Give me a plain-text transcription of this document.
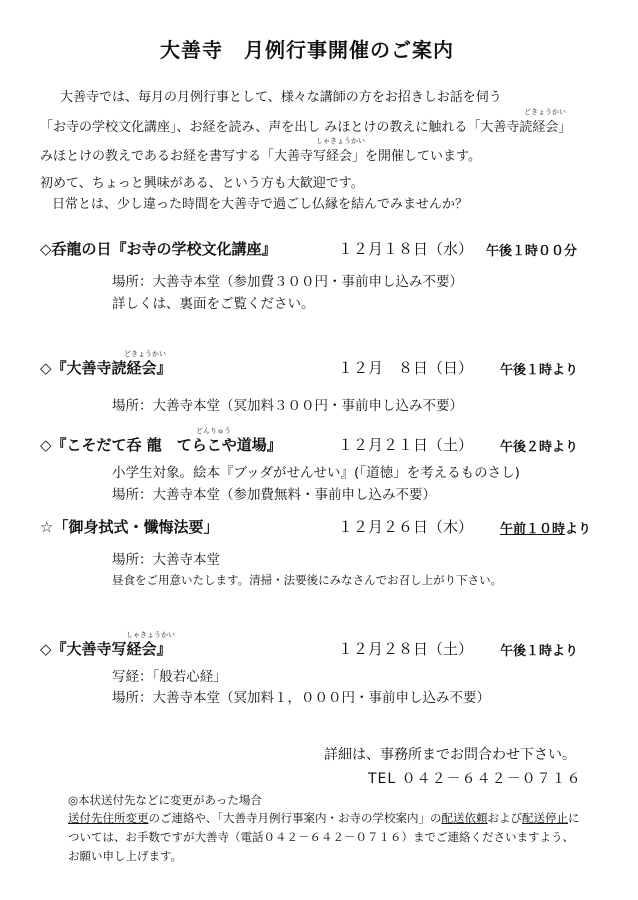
大善寺　月例行事開催のご案内
大善寺では、毎月の月例行事として、様々な講師の方をお招きしお話を伺う
どきょうかい
「お寺の学校文化講座」、お経を読み、声を出し みほとけの教えに触れる「大善寺読経会」
しゃきょうかい
みほとけの教えであるお経を書写する「大善寺写経会」を開催しています。
初めて、ちょっと興味がある、という方も大歓迎です。
日常とは、少し違った時間を大善寺で過ごし仏縁を結んでみませんか？
◇呑龍の日『お寺の学校文化講座』	１２月１８日（水） 午後１時００分
場所：大善寺本堂（参加費３００円・事前申し込み不要）
詳しくは、裏面をご覧ください。
どきょうかい
◇『大善寺読経会』	１２月　８日（日） 午後１時より
場所：大善寺本堂（冥加料３００円・事前申し込み不要）
どんりゅう
◇『こそだて呑 龍　てらこや道場』	１２月２１日（土） 午後２時より
小学生対象。絵本『ブッダがせんせい』(「道徳」を考えるものさし)
場所：大善寺本堂（参加費無料・事前申し込み不要）
☆「御身拭式・懺悔法要」	１２月２６日（木） 午前１０時より
場所：大善寺本堂
昼食をご用意いたします。清掃・法要後にみなさんでお召し上がり下さい。
しゃきょうかい
◇『大善寺写経会』	１２月２８日（土） 午後１時より
写経：「般若心経」
場所：大善寺本堂（冥加料１，０００円・事前申し込み不要）
詳細は、事務所までお問合わせ下さい。
TEL ０４２－６４２－０７１６
◎本状送付先などに変更があった場合
送付先住所変更のご連絡や、「大善寺月例行事案内・お寺の学校案内」の配送依頼および配送停止に
ついては、お手数ですが大善寺（電話０４２－６４２－０７１６）までご連絡くださいますよう、
お願い申し上げます。
